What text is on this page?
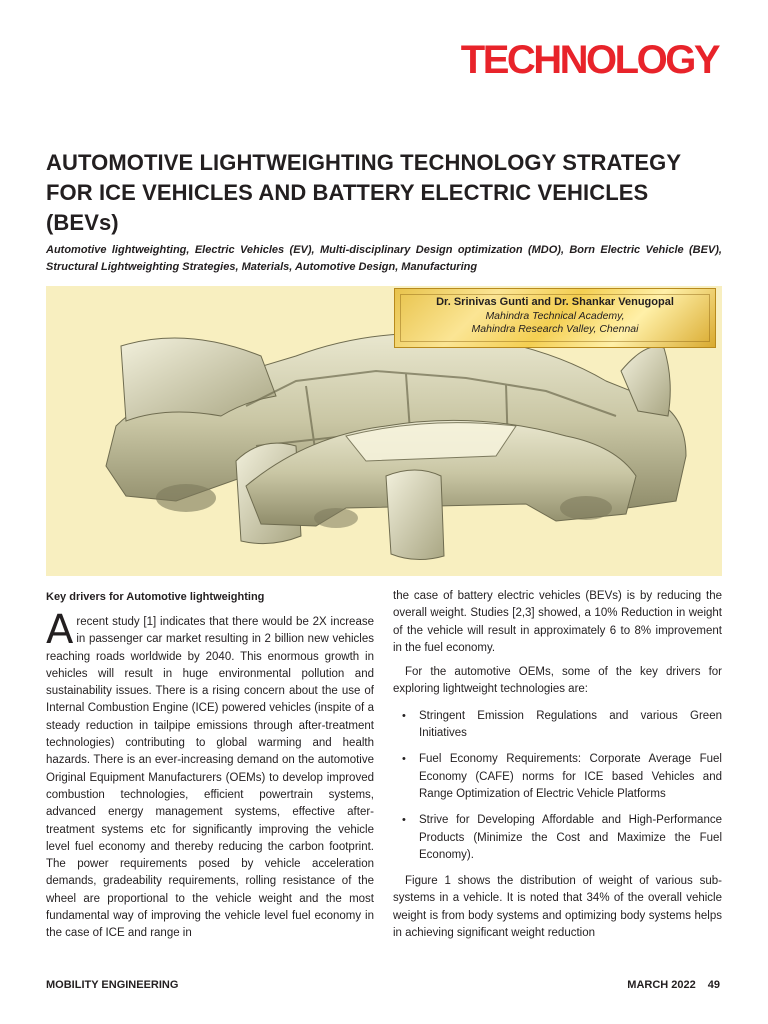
TECHNOLOGY
AUTOMOTIVE LIGHTWEIGHTING TECHNOLOGY STRATEGY FOR ICE VEHICLES AND BATTERY ELECTRIC VEHICLES (BEVs)

Automotive lightweighting, Electric Vehicles (EV), Multi-disciplinary Design optimization (MDO), Born Electric Vehicle (BEV), Structural Lightweighting Strategies, Materials, Automotive Design, Manufacturing

Dr. Srinivas Gunti and Dr. Shankar Venugopal
Mahindra Technical Academy,
Mahindra Research Valley, Chennai
Key drivers for Automotive lightweighting

Arecent study [1] indicates that there would be 2X increase in passenger car market resulting in 2 billion new vehicles reaching roads worldwide by 2040. This enormous growth in vehicles will result in huge environmental pollution and sustainability issues. There is a rising concern about the use of Internal Combustion Engine (ICE) powered vehicles (inspite of a steady reduction in tailpipe emissions through after-treatment technologies) contributing to global warming and health hazards. There is an ever-increasing demand on the automotive Original Equipment Manufacturers (OEMs) to develop improved combustion technologies, efficient powertrain systems, advanced energy management systems, effective after-treatment systems etc for significantly improving the vehicle level fuel economy and thereby reducing the carbon footprint. The power requirements posed by vehicle acceleration demands, gradeability requirements, rolling resistance of the wheel are proportional to the vehicle weight and the most fundamental way of improving the vehicle level fuel economy in the case of ICE and range in

the case of battery electric vehicles (BEVs) is by reducing the overall weight. Studies [2,3] showed, a 10% Reduction in weight of the vehicle will result in approximately 6 to 8% improvement in the fuel economy.

For the automotive OEMs, some of the key drivers for exploring lightweight technologies are:

• Stringent Emission Regulations and various Green Initiatives
• Fuel Economy Requirements: Corporate Average Fuel Economy (CAFE) norms for ICE based Vehicles and Range Optimization of Electric Vehicle Platforms
• Strive for Developing Affordable and High-Performance Products (Minimize the Cost and Maximize the Fuel Economy).

Figure 1 shows the distribution of weight of various sub-systems in a vehicle. It is noted that 34% of the overall vehicle weight is from body systems and optimizing body systems helps in achieving significant weight reduction

MOBILITY ENGINEERING	MARCH 2022 49
